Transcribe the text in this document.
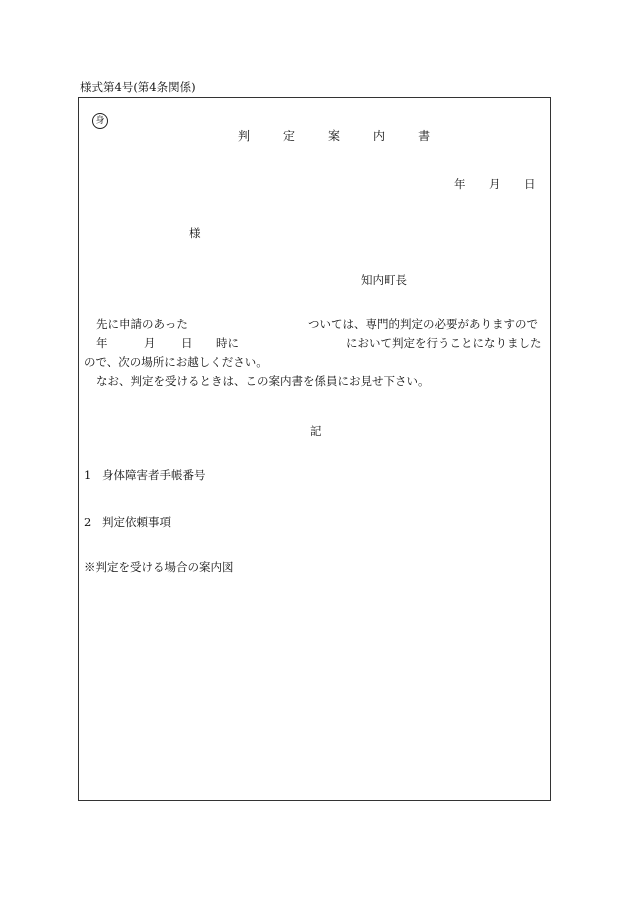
様式第4号(第4条関係)
身
判	定	案	内	書
年 月 日
様
知内町長
先に申請のあった	ついては、専門的判定の必要がありますので
年	月 日 時に	において判定を行うことになりました
ので、次の場所にお越しください。
なお、判定を受けるときは、この案内書を係員にお見せ下さい。
記
1 身体障害者手帳番号
2 判定依頼事項
※判定を受ける場合の案内図
